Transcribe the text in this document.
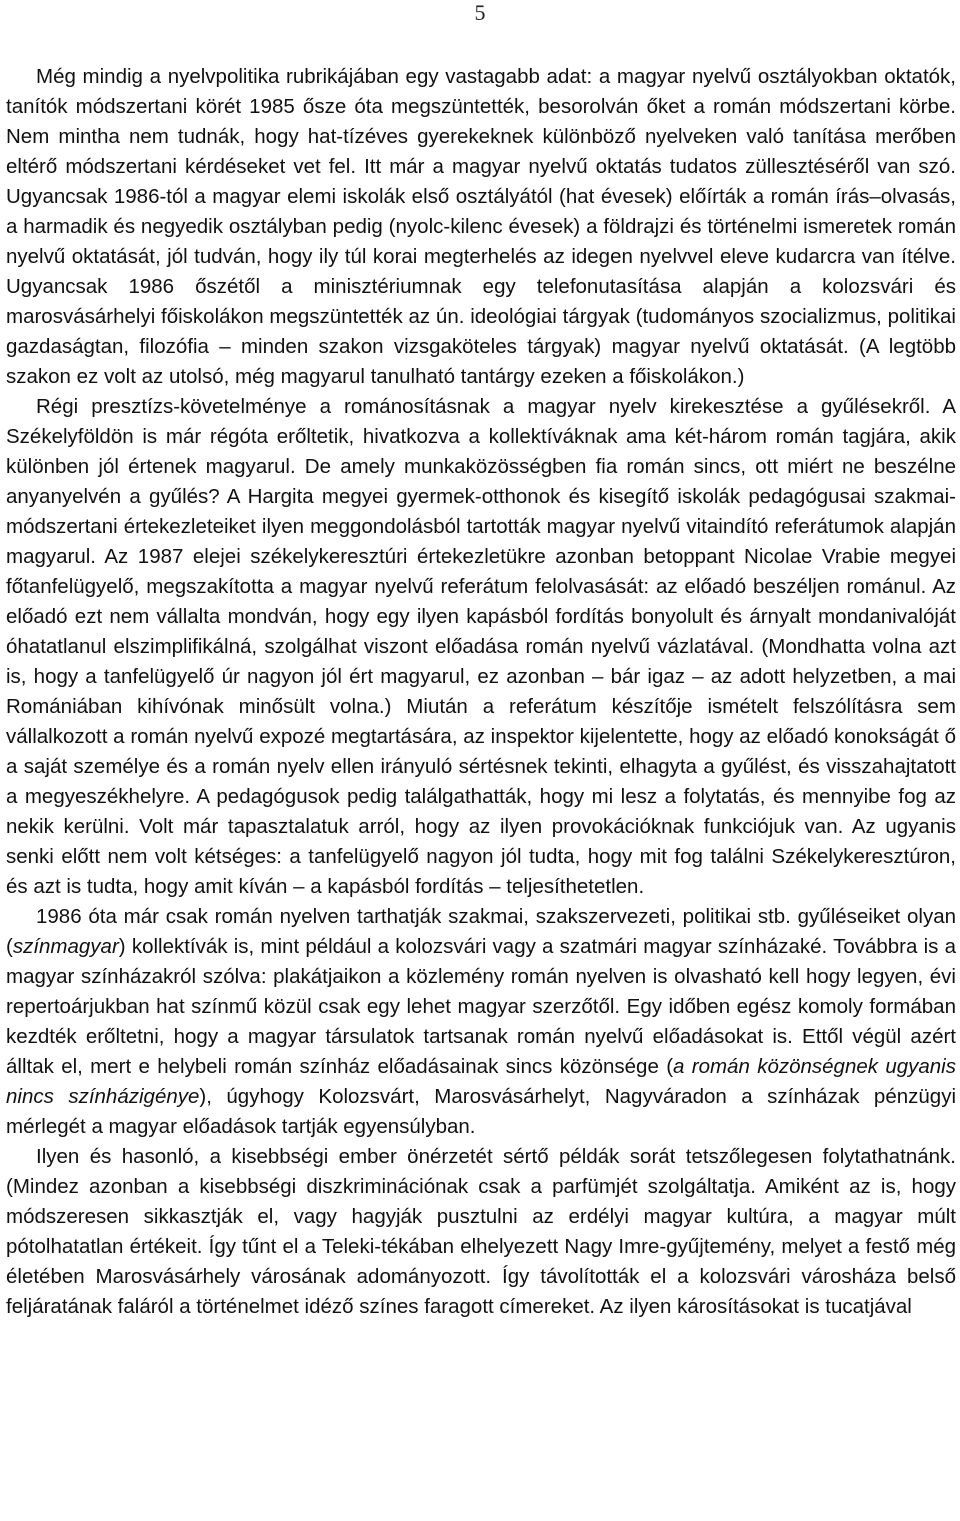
5

Még mindig a nyelvpolitika rubrikájában egy vastagabb adat: a magyar nyelvű osztályokban oktatók, tanítók módszertani körét 1985 ősze óta megszüntették, besorolván őket a román módszertani körbe. Nem mintha nem tudnák, hogy hat-tízéves gyerekeknek különböző nyelveken való tanítása merőben eltérő módszertani kérdéseket vet fel. Itt már a magyar nyelvű oktatás tudatos züllesztéséről van szó. Ugyancsak 1986-tól a magyar elemi iskolák első osztályától (hat évesek) előírták a román írás–olvasás, a harmadik és negyedik osztályban pedig (nyolc-kilenc évesek) a földrajzi és történelmi ismeretek román nyelvű oktatását, jól tudván, hogy ily túl korai megterhelés az idegen nyelvvel eleve kudarcra van ítélve. Ugyancsak 1986 őszétől a minisztériumnak egy telefonutasítása alapján a kolozsvári és marosvásárhelyi főiskolákon megszüntették az ún. ideológiai tárgyak (tudományos szocializmus, politikai gazdaságtan, filozófia – minden szakon vizsgaköteles tárgyak) magyar nyelvű oktatását. (A legtöbb szakon ez volt az utolsó, még magyarul tanulható tantárgy ezeken a főiskolákon.)

Régi presztízs-követelménye a románosításnak a magyar nyelv kirekesztése a gyűlésekről. A Székelyföldön is már régóta erőltetik, hivatkozva a kollektíváknak ama két-három román tagjára, akik különben jól értenek magyarul. De amely munkaközösségben fia román sincs, ott miért ne beszélne anyanyelvén a gyűlés? A Hargita megyei gyermek-otthonok és kisegítő iskolák pedagógusai szakmai-módszertani értekezleteiket ilyen meggondolásból tartották magyar nyelvű vitaindító referátumok alapján magyarul. Az 1987 elejei székelykeresztúri értekezletükre azonban betoppant Nicolae Vrabie megyei főtanfelügyelő, megszakította a magyar nyelvű referátum felolvasását: az előadó beszéljen románul. Az előadó ezt nem vállalta mondván, hogy egy ilyen kapásból fordítás bonyolult és árnyalt mondanivalóját óhatatlanul elszimplifikálná, szolgálhat viszont előadása román nyelvű vázlatával. (Mondhatta volna azt is, hogy a tanfelügyelő úr nagyon jól ért magyarul, ez azonban – bár igaz – az adott helyzetben, a mai Romániában kihívónak minősült volna.) Miután a referátum készítője ismételt felszólításra sem vállalkozott a román nyelvű expozé megtartására, az inspektor kijelentette, hogy az előadó konokságát ő a saját személye és a román nyelv ellen irányuló sértésnek tekinti, elhagyta a gyűlést, és visszahajtatott a megyeszékhelyre. A pedagógusok pedig találgathatták, hogy mi lesz a folytatás, és mennyibe fog az nekik kerülni. Volt már tapasztalatuk arról, hogy az ilyen provokációknak funkciójuk van. Az ugyanis senki előtt nem volt kétséges: a tanfelügyelő nagyon jól tudta, hogy mit fog találni Székelykeresztúron, és azt is tudta, hogy amit kíván – a kapásból fordítás – teljesíthetetlen.

1986 óta már csak román nyelven tarthatják szakmai, szakszervezeti, politikai stb. gyűléseiket olyan (színmagyar) kollektívák is, mint például a kolozsvári vagy a szatmári magyar színházaké. Továbbra is a magyar színházakról szólva: plakátjaikon a közlemény román nyelven is olvasható kell hogy legyen, évi repertoárjukban hat színmű közül csak egy lehet magyar szerzőtől. Egy időben egész komoly formában kezdték erőltetni, hogy a magyar társulatok tartsanak román nyelvű előadásokat is. Ettől végül azért álltak el, mert e helybeli román színház előadásainak sincs közönsége (a román közönségnek ugyanis nincs színházigénye), úgyhogy Kolozsvárt, Marosvásárhelyt, Nagyváradon a színházak pénzügyi mérlegét a magyar előadások tartják egyensúlyban.

Ilyen és hasonló, a kisebbségi ember önérzetét sértő példák sorát tetszőlegesen folytathatnánk. (Mindez azonban a kisebbségi diszkriminációnak csak a parfümjét szolgáltatja. Amiként az is, hogy módszeresen sikkasztják el, vagy hagyják pusztulni az erdélyi magyar kultúra, a magyar múlt pótolhatatlan értékeit. Így tűnt el a Teleki-tékában elhelyezett Nagy Imre-gyűjtemény, melyet a festő még életében Marosvásárhely városának adományozott. Így távolították el a kolozsvári városháza belső feljáratának faláról a történelmet idéző színes faragott címereket. Az ilyen károsításokat is tucatjával
